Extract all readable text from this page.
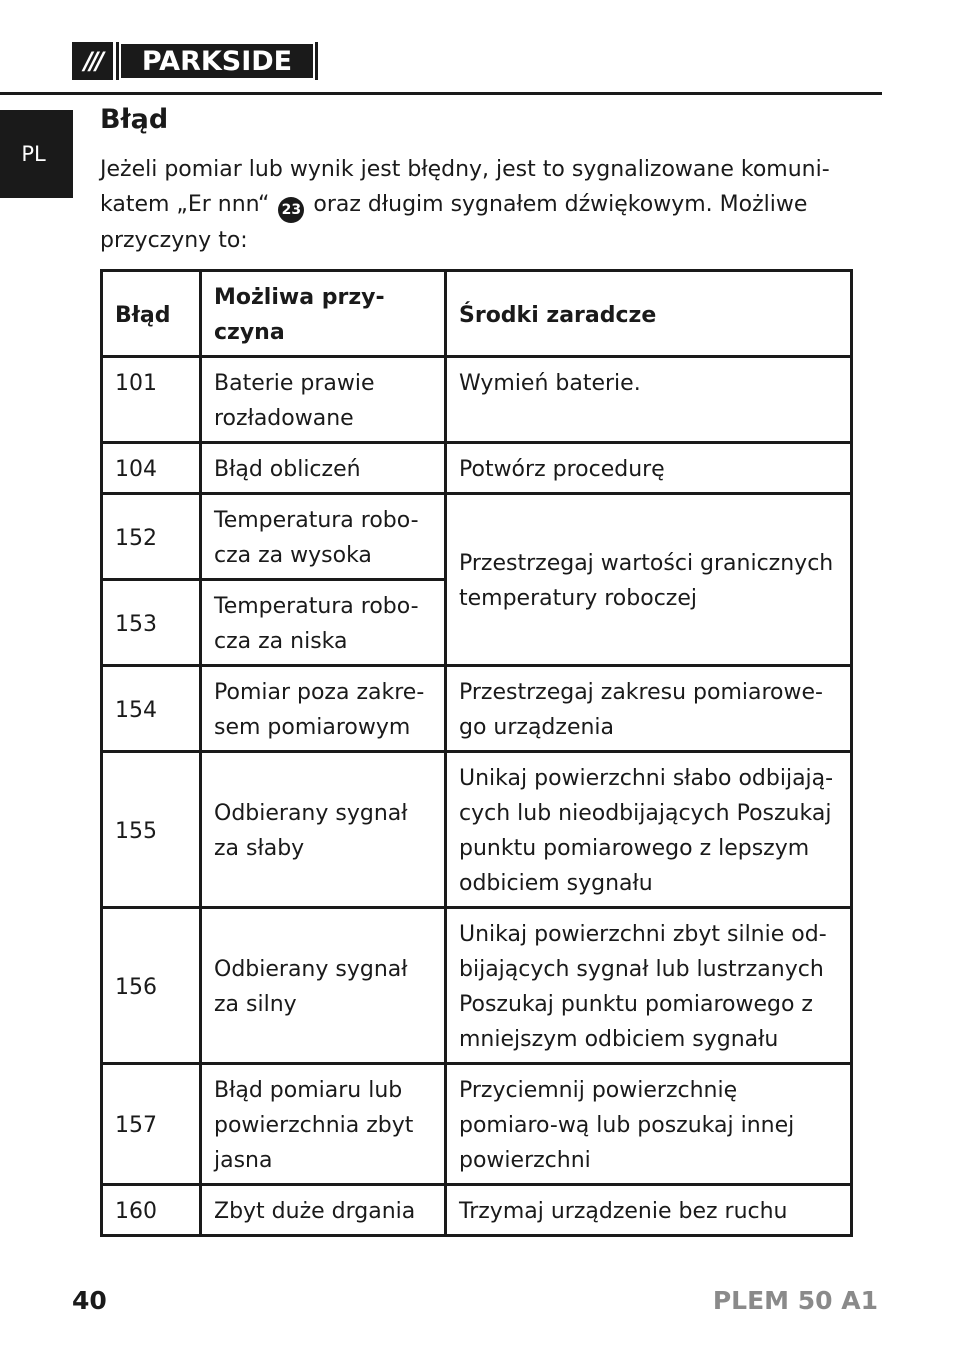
///	PARKSIDE
PL
Błąd

Jeżeli pomiar lub wynik jest błędny, jest to sygnalizowane komunikatem „Er nnn“ 23 oraz długim sygnałem dźwiękowym. Możliwe przyczyny to:

Błąd	Możliwa przy-czyna	Środki zaradcze
101	Baterie prawie rozładowane	Wymień baterie.
104	Błąd obliczeń	Potwórz procedurę
152	Temperatura robo-cza za wysoka	Przestrzegaj wartości granicznych temperatury roboczej
153	Temperatura robo-cza za niska	
154	Pomiar poza zakre-sem pomiarowym	Przestrzegaj zakresu pomiarowe-go urządzenia
155	Odbierany sygnał za słaby	Unikaj powierzchni słabo odbijają-cych lub nieodbijających Poszukaj punktu pomiarowego z lepszym odbiciem sygnału
156	Odbierany sygnał za silny	Unikaj powierzchni zbyt silnie od-bijających sygnał lub lustrzanych Poszukaj punktu pomiarowego z mniejszym odbiciem sygnału
157	Błąd pomiaru lub powierzchnia zbyt jasna	Przyciemnij powierzchnię pomiaro-wą lub poszukaj innej powierzchni
160	Zbyt duże drgania	Trzymaj urządzenie bez ruchu
40	PLEM 50 A1
